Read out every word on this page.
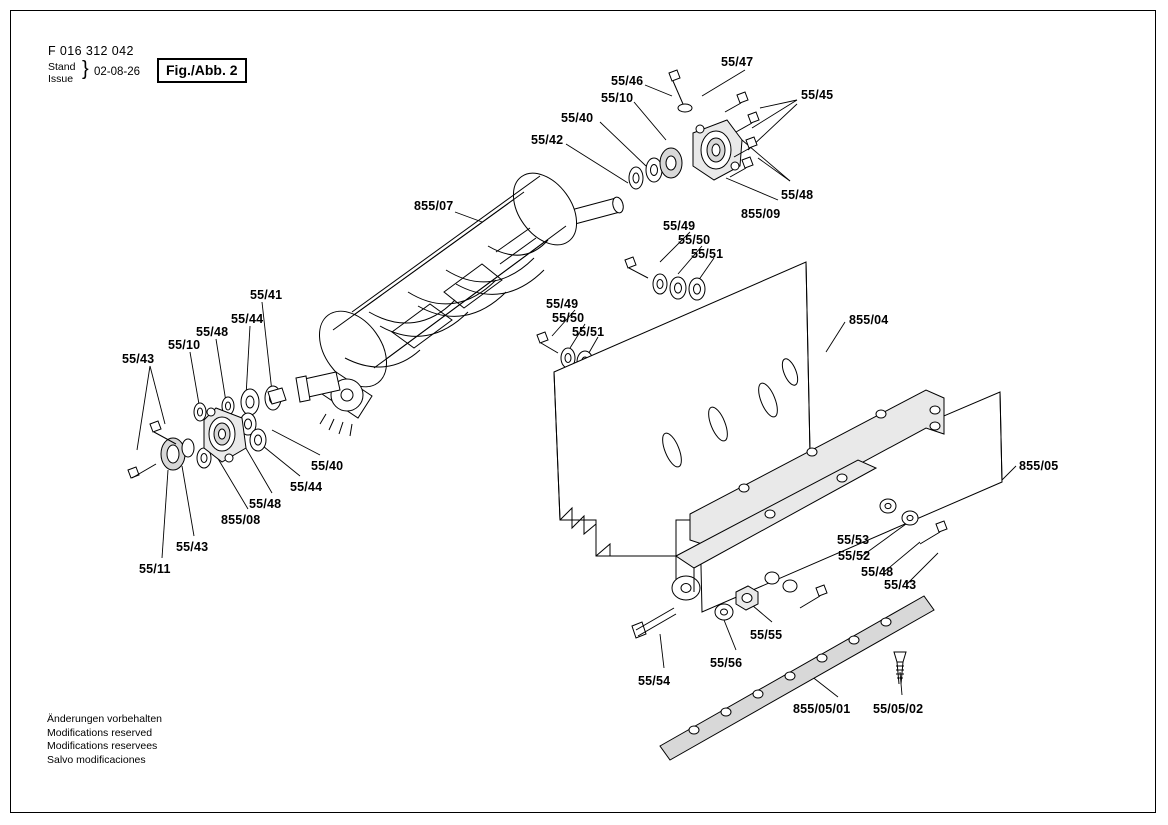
F 016 312 042
Stand
Issue } 02-08-26	Fig./Abb. 2	55/47
55/46
55/45
55/10
55/40
55/42
55/48
855/09
855/07
55/49
55/50
55/51
55/49
55/50
55/51
855/04
55/41
55/44
55/48
55/10
55/43
855/05
55/40
55/44
55/48
855/08
55/43
55/11
55/53
55/52
55/48
55/43
55/55
55/56
55/54
855/05/01 55/05/02
Änderungen vorbehalten
Modifications reserved
Modifications reservees
Salvo modificaciones
